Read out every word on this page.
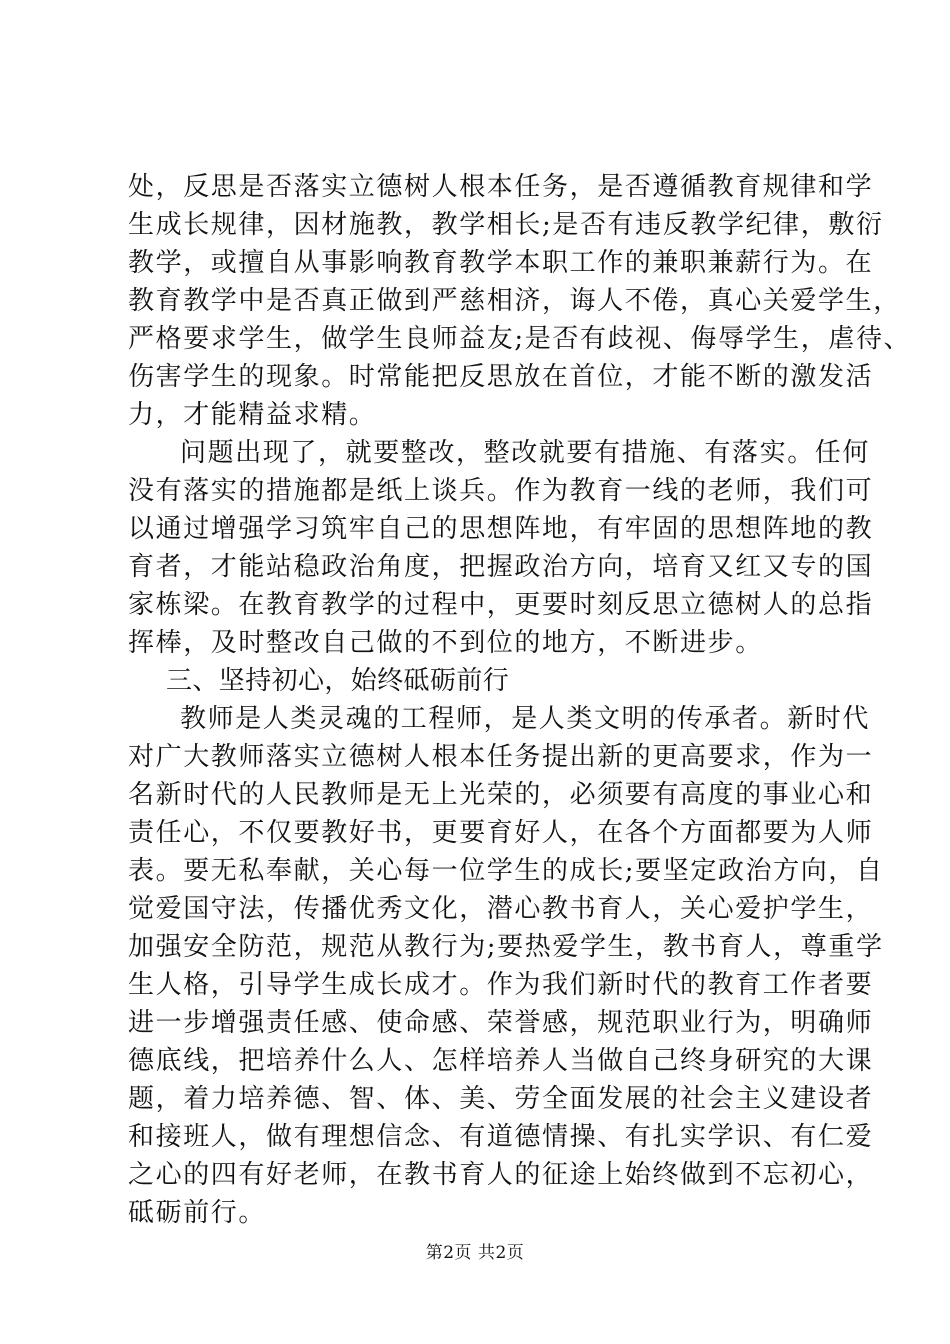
处，反思是否落实立德树人根本任务，是否遵循教育规律和学
生成长规律，因材施教，教学相长;是否有违反教学纪律，敷衍
教学，或擅自从事影响教育教学本职工作的兼职兼薪行为。在
教育教学中是否真正做到严慈相济，诲人不倦，真心关爱学生，
严格要求学生，做学生良师益友;是否有歧视、侮辱学生，虐待、
伤害学生的现象。时常能把反思放在首位，才能不断的激发活
力，才能精益求精。
问题出现了，就要整改，整改就要有措施、有落实。任何
没有落实的措施都是纸上谈兵。作为教育一线的老师，我们可
以通过增强学习筑牢自己的思想阵地，有牢固的思想阵地的教
育者，才能站稳政治角度，把握政治方向，培育又红又专的国
家栋梁。在教育教学的过程中，更要时刻反思立德树人的总指
挥棒，及时整改自己做的不到位的地方，不断进步。
三、坚持初心，始终砥砺前行
教师是人类灵魂的工程师，是人类文明的传承者。新时代
对广大教师落实立德树人根本任务提出新的更高要求，作为一
名新时代的人民教师是无上光荣的，必须要有高度的事业心和
责任心，不仅要教好书，更要育好人，在各个方面都要为人师
表。要无私奉献，关心每一位学生的成长;要坚定政治方向，自
觉爱国守法，传播优秀文化，潜心教书育人，关心爱护学生，
加强安全防范，规范从教行为;要热爱学生，教书育人，尊重学
生人格，引导学生成长成才。作为我们新时代的教育工作者要
进一步增强责任感、使命感、荣誉感，规范职业行为，明确师
德底线，把培养什么人、怎样培养人当做自己终身研究的大课
题，着力培养德、智、体、美、劳全面发展的社会主义建设者
和接班人，做有理想信念、有道德情操、有扎实学识、有仁爱
之心的四有好老师，在教书育人的征途上始终做到不忘初心，
砥砺前行。
第2页 共2页
